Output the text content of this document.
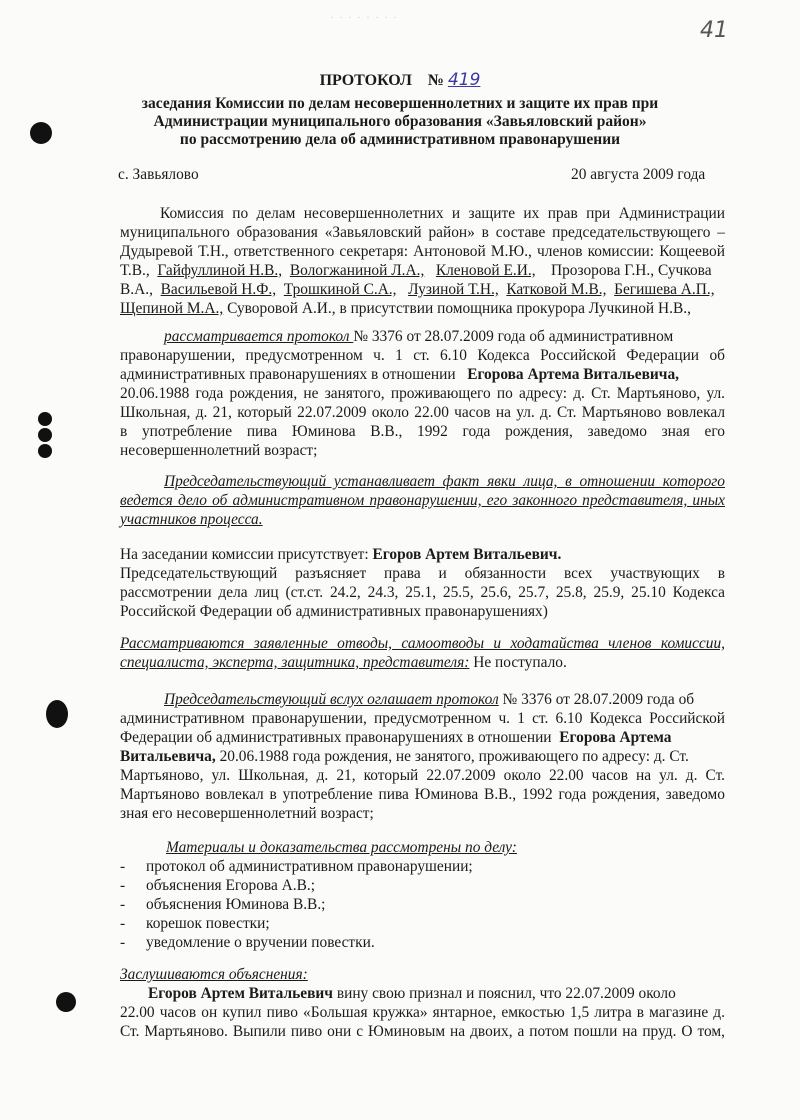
· · · · · · · ·
41
ПРОТОКОЛ № 419
заседания Комиссии по делам несовершеннолетних и защите их прав при
Администрации муниципального образования «Завьяловский район»
по рассмотрению дела об административном правонарушении
с. Завьялово	20 августа 2009 года
Комиссия по делам несовершеннолетних и защите их прав при Администрации
муниципального образования «Завьяловский район» в составе председательствующего –
Дудыревой Т.Н., ответственного секретаря: Антоновой М.Ю., членов комиссии: Кощеевой
Т.В., Гайфуллиной Н.В., Вологжаниной Л.А., Кленовой Е.И., Прозорова Г.Н., Сучкова
В.А., Васильевой Н.Ф., Трошкиной С.А., Лузиной Т.Н., Катковой М.В., Бегишева А.П.,
Щепиной М.А., Суворовой А.И., в присутствии помощника прокурора Лучкиной Н.В.,
рассматривается протокол № 3376 от 28.07.2009 года об административном
правонарушении, предусмотренном ч. 1 ст. 6.10 Кодекса Российской Федерации об
административных правонарушениях в отношении Егорова Артема Витальевича,
20.06.1988 года рождения, не занятого, проживающего по адресу: д. Ст. Мартьяново, ул.
Школьная, д. 21, который 22.07.2009 около 22.00 часов на ул. д. Ст. Мартьяново вовлекал
в употребление пива Юминова В.В., 1992 года рождения, заведомо зная его
несовершеннолетний возраст;
Председательствующий устанавливает факт явки лица, в отношении которого
ведется дело об административном правонарушении, его законного представителя, иных
участников процесса.
На заседании комиссии присутствует: Егоров Артем Витальевич.
Председательствующий разъясняет права и обязанности всех участвующих в
рассмотрении дела лиц (ст.ст. 24.2, 24.3, 25.1, 25.5, 25.6, 25.7, 25.8, 25.9, 25.10 Кодекса
Российской Федерации об административных правонарушениях)
Рассматриваются заявленные отводы, самоотводы и ходатайства членов комиссии,
специалиста, эксперта, защитника, представителя: Не поступало.
Председательствующий вслух оглашает протокол № 3376 от 28.07.2009 года об
административном правонарушении, предусмотренном ч. 1 ст. 6.10 Кодекса Российской
Федерации об административных правонарушениях в отношении Егорова Артема
Витальевича, 20.06.1988 года рождения, не занятого, проживающего по адресу: д. Ст.
Мартьяново, ул. Школьная, д. 21, который 22.07.2009 около 22.00 часов на ул. д. Ст.
Мартьяново вовлекал в употребление пива Юминова В.В., 1992 года рождения, заведомо
зная его несовершеннолетний возраст;
Материалы и доказательства рассмотрены по делу:
- протокол об административном правонарушении;
- объяснения Егорова А.В.;
- объяснения Юминова В.В.;
- корешок повестки;
- уведомление о вручении повестки.
Заслушиваются объяснения:
Егоров Артем Витальевич вину свою признал и пояснил, что 22.07.2009 около
22.00 часов он купил пиво «Большая кружка» янтарное, емкостью 1,5 литра в магазине д.
Ст. Мартьяново. Выпили пиво они с Юминовым на двоих, а потом пошли на пруд. О том,
